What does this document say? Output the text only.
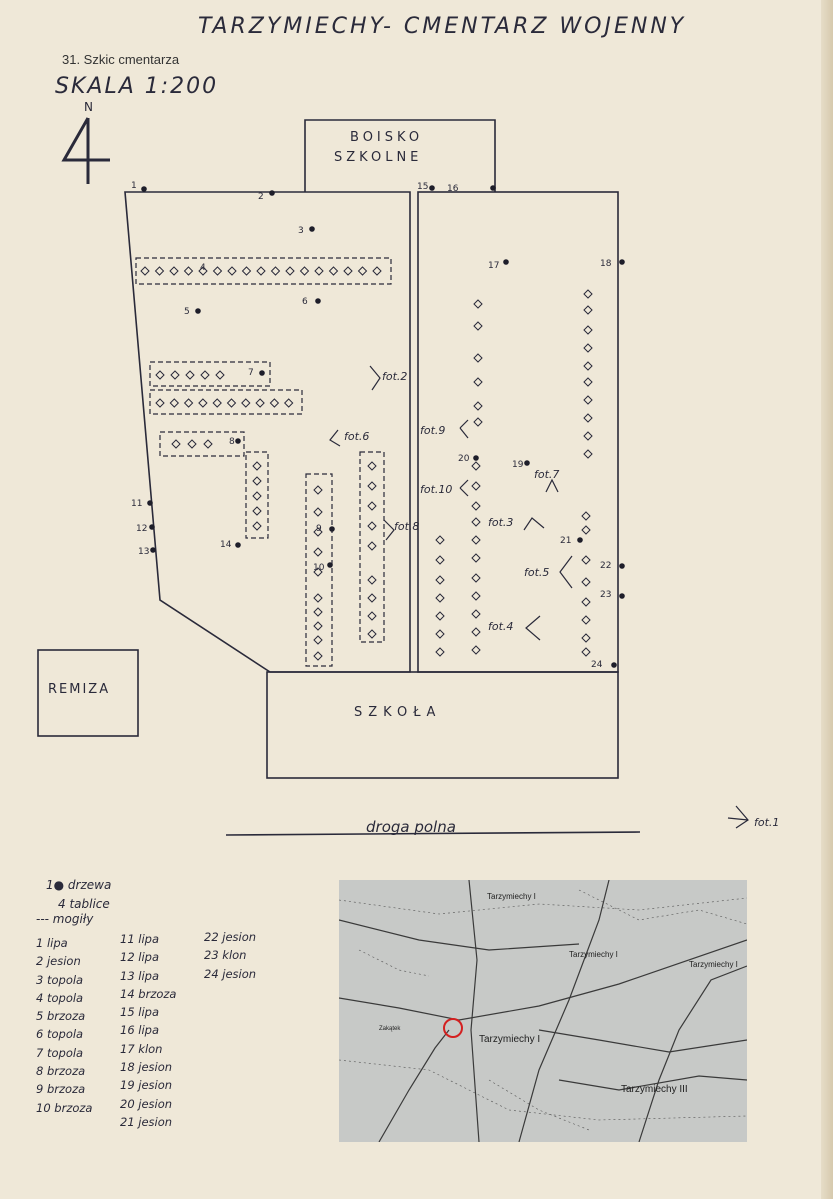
TARZYMIECHY- CMENTARZ WOJENNY
31. Szkic cmentarza
SKALA 1:200
N
BOISKO
SZKOLNE
REMIZA
SZKOŁA
droga polna
1
2
3
4
5
6
7
8
9
10
11
12
13
14
15 16
17	18
19
20
21
22
23
24
fot.1
fot.2
fot.3
fot.4
fot.5
fot.6
fot.7
fot.8
fot.9
fot.10
1● drzewa
4 tablice
--- mogiły
1 lipa
2 jesion
3 topola
4 topola
5 brzoza
6 topola
7 topola
8 brzoza
9 brzoza
10 brzoza
11 lipa
12 lipa
13 lipa
14 brzoza
15 lipa
16 lipa
17 klon
18 jesion
19 jesion
20 jesion
21 jesion
22 jesion
23 klon
24 jesion
Tarzymiechy I
Tarzymiechy I
Tarzymiechy I
Tarzymiechy I
Tarzymiechy III
Zakątek
